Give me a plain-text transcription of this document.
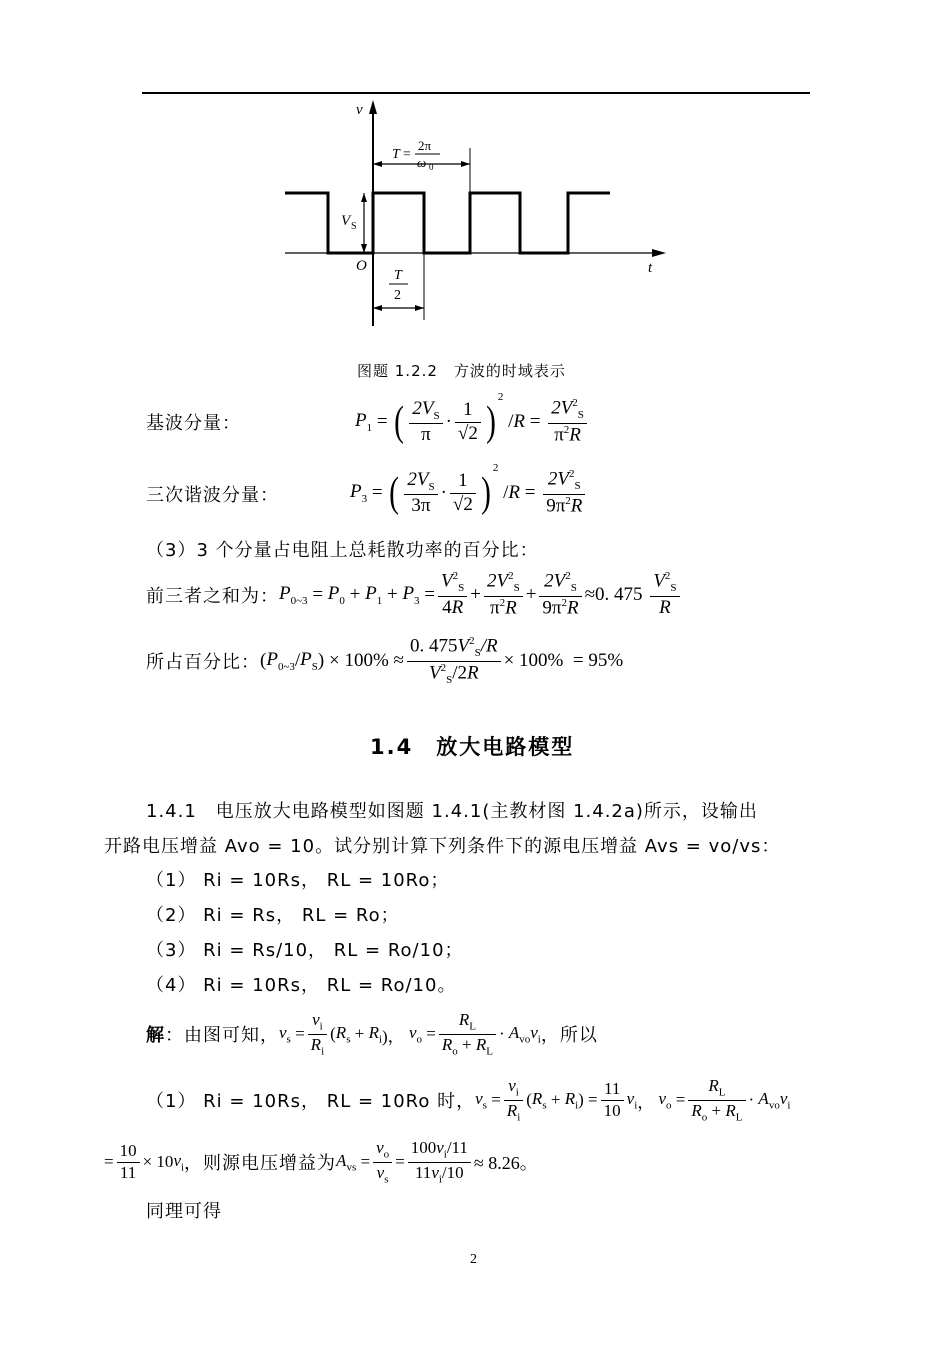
v
t
O
T =
2π
ω 0
V S
T
2
图题 1.2.2　方波的时域表示
基波分量：	$P_1$ = ( $\frac{2V_S}{\pi} \cdot \frac{1}{√2}$ )
$^2$
/ $R = \frac{2V^2_S}{\pi^2R}$
三次谐波分量：	$P_3$ = ( $\frac{2V_S}{3\pi} \cdot \frac{1}{√2}$ )
$^2$
/ $R = \frac{2V^2_S}{9\pi^2R}$
（3）3 个分量占电阻上总耗散功率的百分比：
前三者之和为： $P_{0\sim 3} = P_0 + P_1 + P_3 = \frac{V^2_S}{4R} + \frac{2V^2_S}{\pi^2R} + \frac{2V^2_S}{9\pi^2R} \approx 0$. $475 \frac{V^2_S}{R}$
所占百分比： ( $P_{0\sim 3} / P_S$ ) × $100\% \approx \frac{0. 475V^2_S/R}{V^2_S/2R} \times 100\% = 95\%$
1.4　放大电路模型
1.4.1　电压放大电路模型如图题 1.4.1(主教材图 1.4.2a)所示，设输出
开路电压增益 Avo = 10。试分别计算下列条件下的源电压增益 Avs = vo/vs：
（1） Ri = 10Rs， RL = 10Ro；
（2） Ri = Rs， RL = Ro；
（3） Ri = Rs/10， RL = Ro/10；
（4） Ri = 10Rs， RL = Ro/10。
解 ：由图可知， $v_s = \frac{v_i}{R_i}$ ( $R_s + R_i$ )， $v_o = \frac{R_L}{R_o + R_L} \cdot A_{vo}v_i$ ，所以
（1） Ri = 10Rs， RL = 10Ro 时， $v_s = \frac{v_i}{R_i}$ ( $R_s + R_i$ ) = $\frac{11}{10} v_i$ ， $v_o = \frac{R_L}{R_o + R_L} \cdot A_{vo}v_i$
= $\frac{10}{11} \times 10$ $v_i$ ，则源电压增益为 $A_{vs} = \frac{v_o}{v_s} = \frac{100v_i/11}{11v_i/10} \approx 8.26$。
同理可得
2
